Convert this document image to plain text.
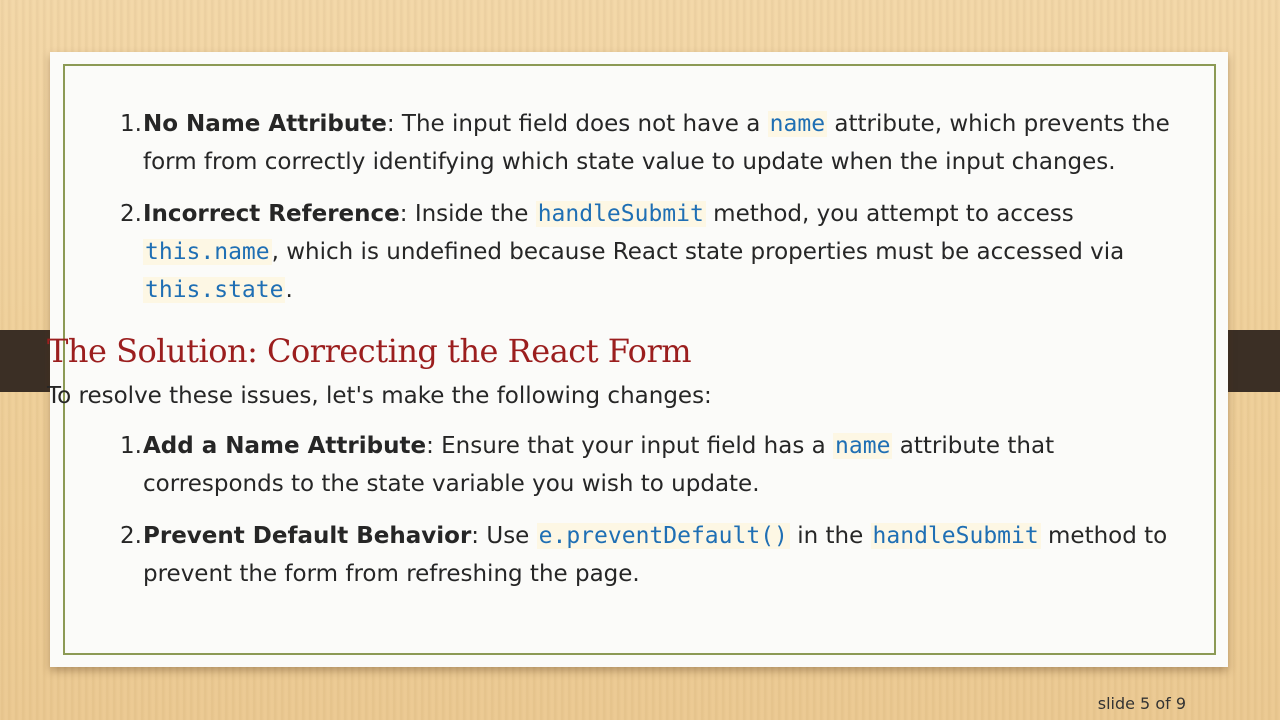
1. No Name Attribute: The input field does not have a name attribute, which prevents the form from correctly identifying which state value to update when the input changes.
2. Incorrect Reference: Inside the handleSubmit method, you attempt to access
this.name, which is undefined because React state properties must be accessed via
this.state.
The Solution: Correcting the React Form

To resolve these issues, let's make the following changes:

1. Add a Name Attribute: Ensure that your input field has a name attribute that corresponds to the state variable you wish to update.
2. Prevent Default Behavior: Use e.preventDefault() in the handleSubmit method to prevent the form from refreshing the page.
slide 5 of 9
